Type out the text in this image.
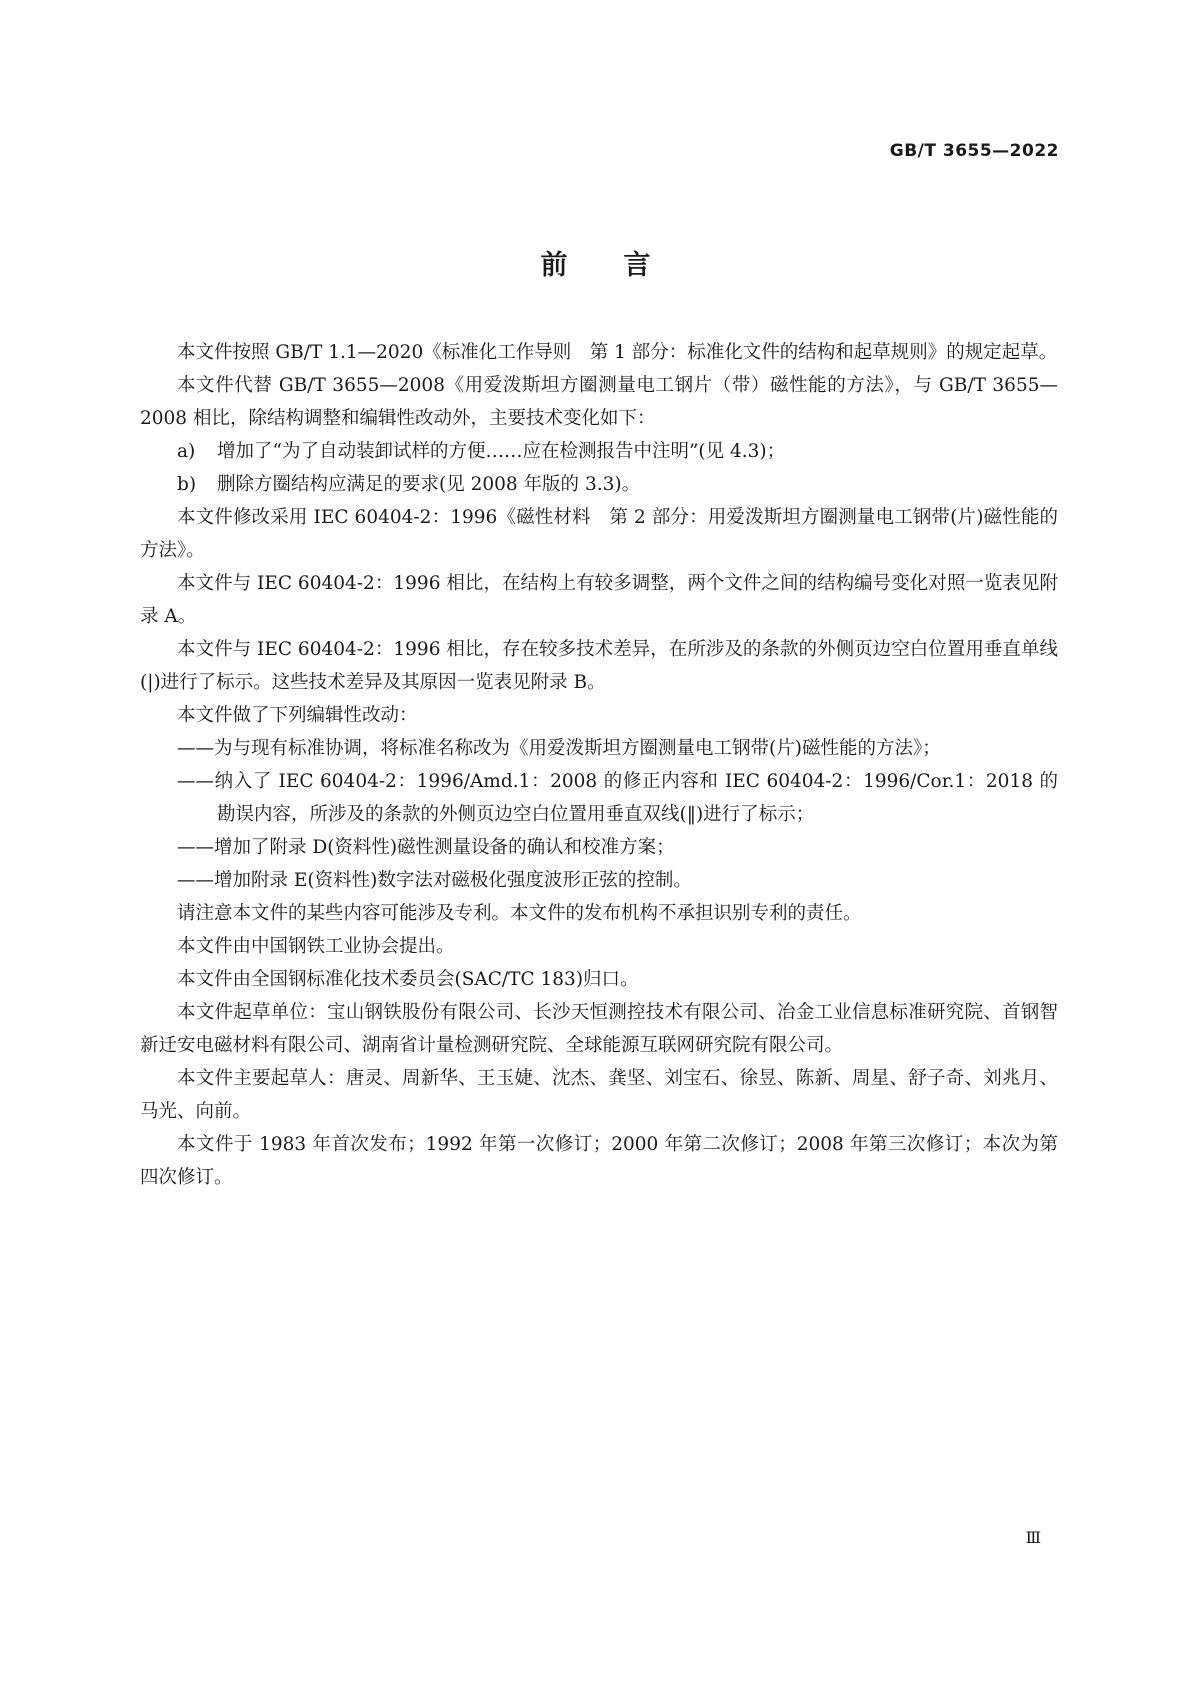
GB/T 3655—2022
前言

本文件按照 GB/T 1.1—2020《标准化工作导则　第 1 部分：标准化文件的结构和起草规则》的规定起草。

本文件代替 GB/T 3655—2008《用爱泼斯坦方圈测量电工钢片（带）磁性能的方法》，与 GB/T 3655—2008 相比，除结构调整和编辑性改动外，主要技术变化如下：

a) 增加了“为了自动装卸试样的方便……应在检测报告中注明”(见 4.3)；

b) 删除方圈结构应满足的要求(见 2008 年版的 3.3)。

本文件修改采用 IEC 60404-2：1996《磁性材料　第 2 部分：用爱泼斯坦方圈测量电工钢带(片)磁性能的方法》。

本文件与 IEC 60404-2：1996 相比，在结构上有较多调整，两个文件之间的结构编号变化对照一览表见附录 A。

本文件与 IEC 60404-2：1996 相比，存在较多技术差异，在所涉及的条款的外侧页边空白位置用垂直单线(|)进行了标示。这些技术差异及其原因一览表见附录 B。

本文件做了下列编辑性改动：

——为与现有标准协调，将标准名称改为《用爱泼斯坦方圈测量电工钢带(片)磁性能的方法》；

——纳入了 IEC 60404-2：1996/Amd.1：2008 的修正内容和 IEC 60404-2：1996/Cor.1：2018 的勘误内容，所涉及的条款的外侧页边空白位置用垂直双线(‖)进行了标示；

——增加了附录 D(资料性)磁性测量设备的确认和校准方案；

——增加附录 E(资料性)数字法对磁极化强度波形正弦的控制。

请注意本文件的某些内容可能涉及专利。本文件的发布机构不承担识别专利的责任。

本文件由中国钢铁工业协会提出。

本文件由全国钢标准化技术委员会(SAC/TC 183)归口。

本文件起草单位：宝山钢铁股份有限公司、长沙天恒测控技术有限公司、冶金工业信息标准研究院、首钢智新迁安电磁材料有限公司、湖南省计量检测研究院、全球能源互联网研究院有限公司。

本文件主要起草人：唐灵、周新华、王玉婕、沈杰、龚坚、刘宝石、徐昱、陈新、周星、舒子奇、刘兆月、马光、向前。

本文件于 1983 年首次发布；1992 年第一次修订；2000 年第二次修订；2008 年第三次修订；本次为第四次修订。

Ⅲ
